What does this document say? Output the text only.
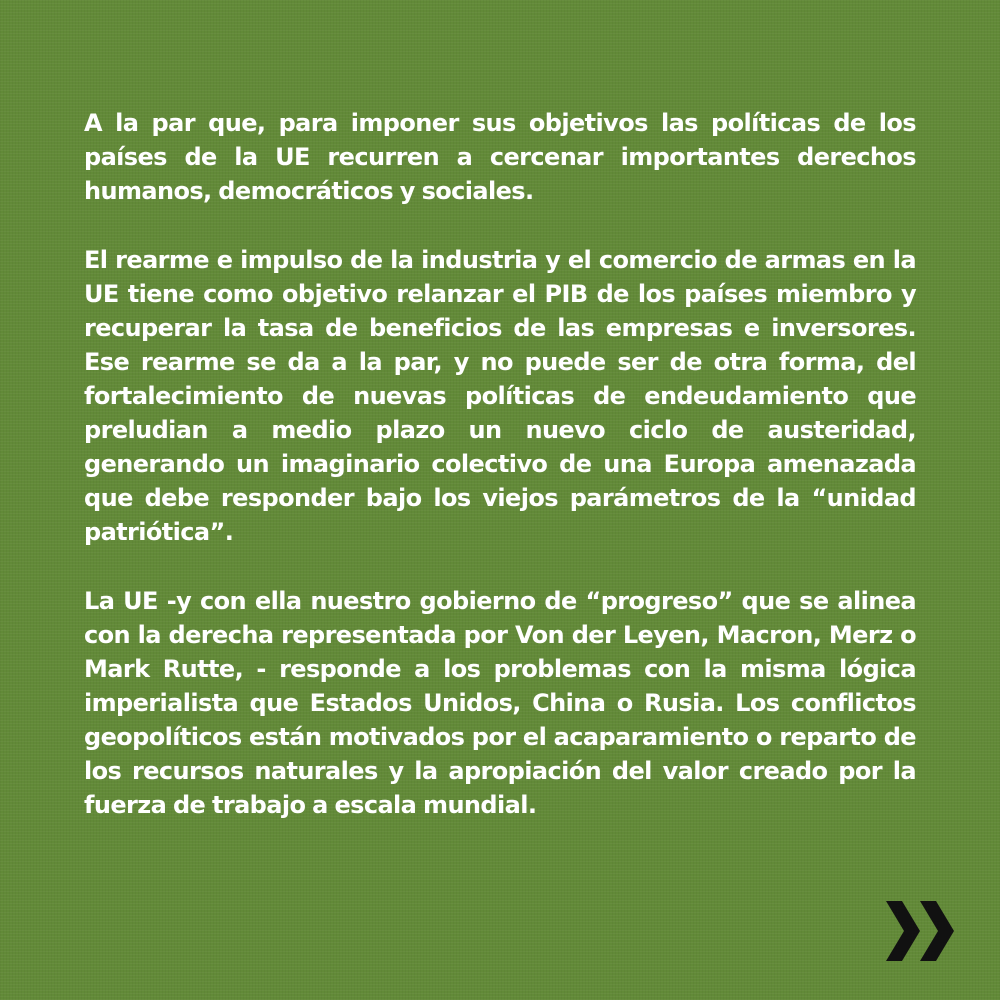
A la par que, para imponer sus objetivos las políticas de los países de la UE recurren a cercenar importantes derechos humanos, democráticos y sociales.

El rearme e impulso de la industria y el comercio de armas en la UE tiene como objetivo relanzar el PIB de los países miembro y recuperar la tasa de beneficios de las empresas e inversores. Ese rearme se da a la par, y no puede ser de otra forma, del fortalecimiento de nuevas políticas de endeudamiento que preludian a medio plazo un nuevo ciclo de austeridad, generando un imaginario colectivo de una Europa amenazada que debe responder bajo los viejos parámetros de la “unidad patriótica”.

La UE -y con ella nuestro gobierno de “progreso” que se alinea con la derecha representada por Von der Leyen, Macron, Merz o Mark Rutte, - responde a los problemas con la misma lógica imperialista que Estados Unidos, China o Rusia. Los conflictos geopolíticos están motivados por el acaparamiento o reparto de los recursos naturales y la apropiación del valor creado por la fuerza de trabajo a escala mundial.
